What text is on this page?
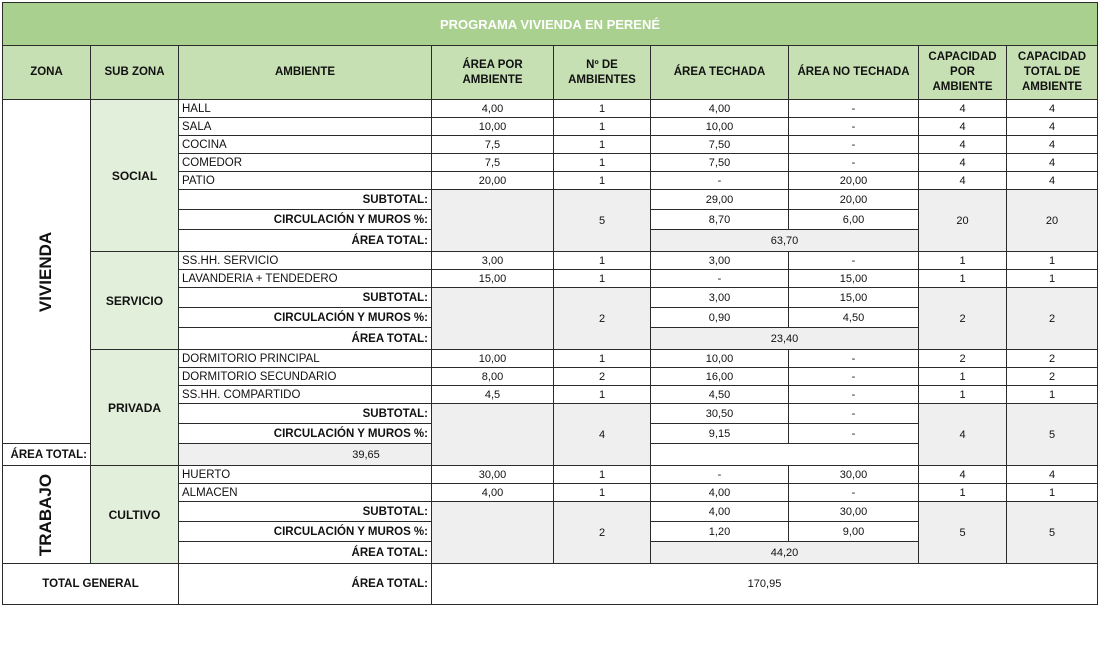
PROGRAMA VIVIENDA EN PERENÉ								
ZONA	SUB ZONA	AMBIENTE	ÁREA POR AMBIENTE	Nº DE AMBIENTES	ÁREA TECHADA	ÁREA NO TECHADA	CAPACIDAD POR AMBIENTE	CAPACIDAD TOTAL DE AMBIENTE
VIVIENDA	SOCIAL	HALL	4,00	1	4,00	-	4	4
		SALA	10,00	1	10,00	-	4	4
		COCINA	7,5	1	7,50	-	4	4
		COMEDOR	7,5	1	7,50	-	4	4
		PATIO	20,00	1	-	20,00	4	4
		SUBTOTAL:		5	29,00	20,00	20	20
		CIRCULACIÓN Y MUROS %:			8,70	6,00		
		ÁREA TOTAL:			63,70			
	SERVICIO	SS.HH. SERVICIO	3,00	1	3,00	-	1	1
		LAVANDERIA + TENDEDERO	15,00	1	-	15,00	1	1
		SUBTOTAL:		2	3,00	15,00	2	2
		CIRCULACIÓN Y MUROS %:			0,90	4,50		
		ÁREA TOTAL:			23,40			
	PRIVADA	DORMITORIO PRINCIPAL	10,00	1	10,00	-	2	2
		DORMITORIO SECUNDARIO	8,00	2	16,00	-	1	2
		SS.HH. COMPARTIDO	4,5	1	4,50	-	1	1
		SUBTOTAL:		4	30,50	-	4	5
		CIRCULACIÓN Y MUROS %:			9,15	-		
ÁREA TOTAL:		39,65						
TRABAJO	CULTIVO	HUERTO	30,00	1	-	30,00	4	4
		ALMACEN	4,00	1	4,00	-	1	1
		SUBTOTAL:		2	4,00	30,00	5	5
		CIRCULACIÓN Y MUROS %:			1,20	9,00		
		ÁREA TOTAL:			44,20			
TOTAL GENERAL		ÁREA TOTAL:	170,95					
